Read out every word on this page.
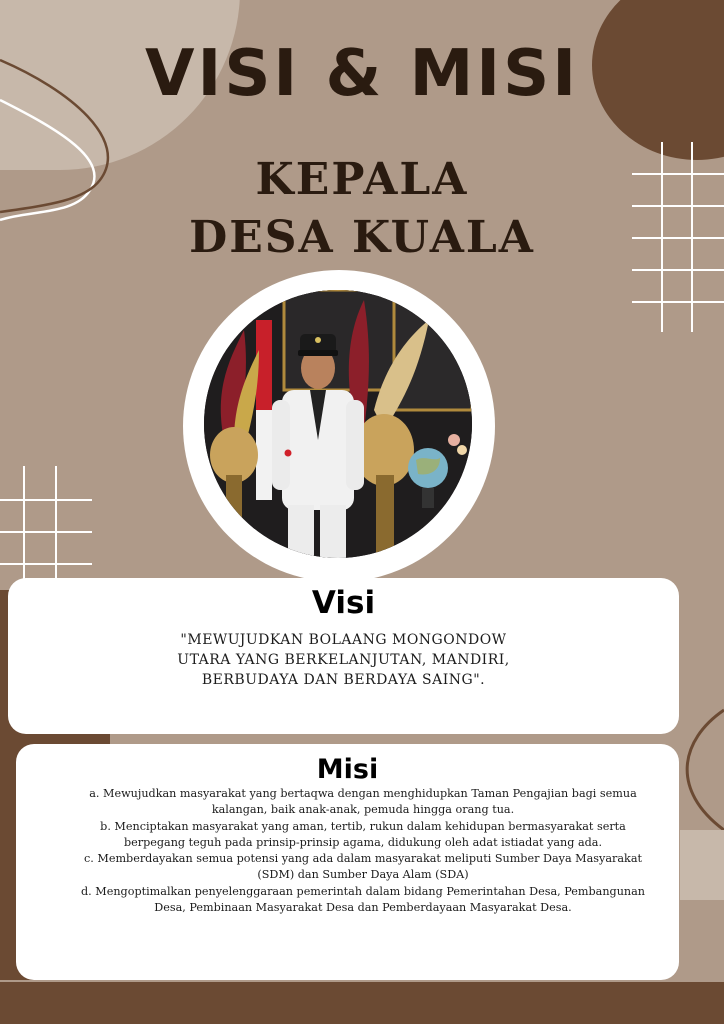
VISI & MISI
KEPALA
DESA KUALA
Visi
"MEWUJUDKAN BOLAANG MONGONDOW
UTARA YANG BERKELANJUTAN, MANDIRI,
BERBUDAYA DAN BERDAYA SAING".
Misi

a. Mewujudkan masyarakat yang bertaqwa dengan menghidupkan Taman Pengajian bagi semua kalangan, baik anak-anak, pemuda hingga orang tua.

b. Menciptakan masyarakat yang aman, tertib, rukun dalam kehidupan bermasyarakat serta berpegang teguh pada prinsip-prinsip agama, didukung oleh adat istiadat yang ada.

c. Memberdayakan semua potensi yang ada dalam masyarakat meliputi Sumber Daya Masyarakat (SDM) dan Sumber Daya Alam (SDA)

d. Mengoptimalkan penyelenggaraan pemerintah dalam bidang Pemerintahan Desa, Pembangunan Desa, Pembinaan Masyarakat Desa dan Pemberdayaan Masyarakat Desa.
